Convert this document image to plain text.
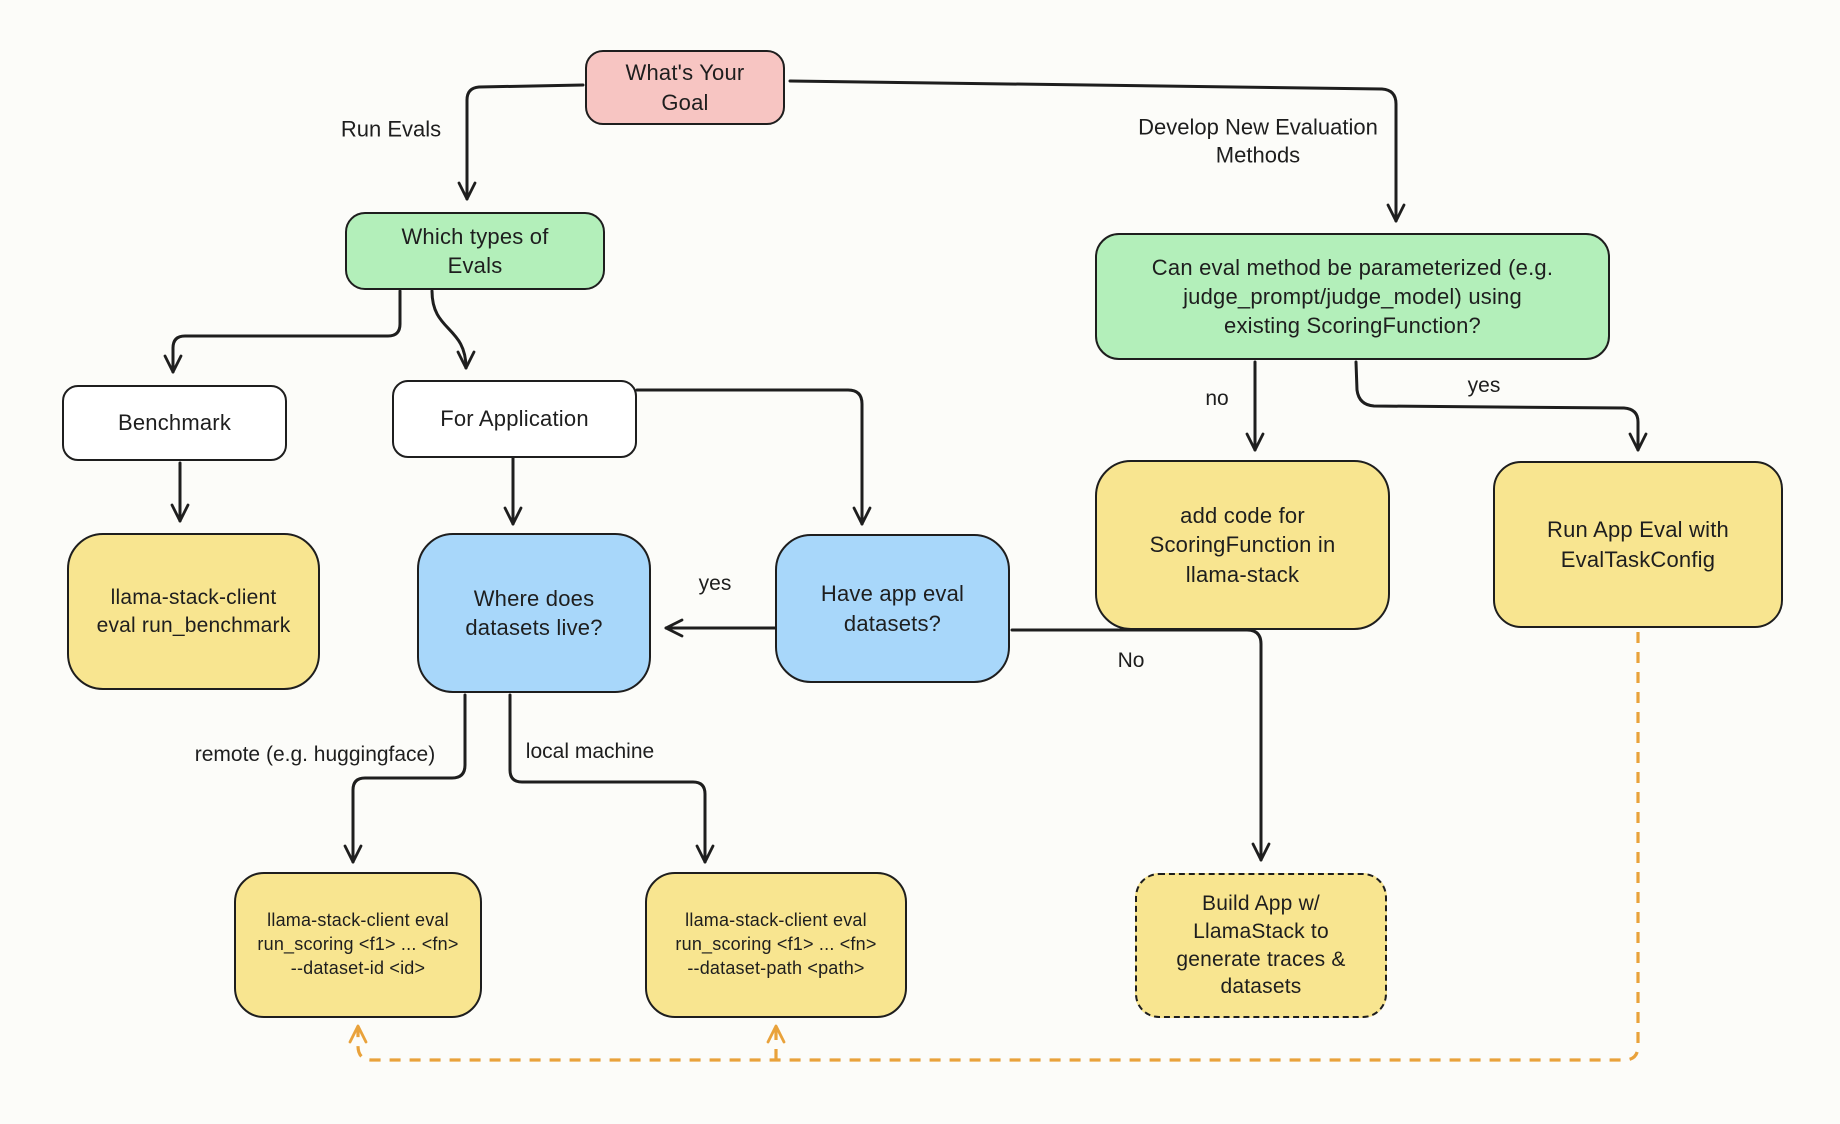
What's Your
Goal
Which types of
Evals	Can eval method be parameterized (e.g.
judge_prompt/judge_model) using
existing ScoringFunction?
Benchmark	For Application
llama-stack-client
eval run_benchmark
Where does
datasets live?
Have app eval
datasets?
add code for
ScoringFunction in
llama-stack
Run App Eval with
EvalTaskConfig
llama-stack-client eval
run_scoring <f1> ... <fn>
--dataset-id <id>
llama-stack-client eval
run_scoring <f1> ... <fn>
--dataset-path <path>
Build App w/
LlamaStack to
generate traces &
datasets
Run Evals	Develop New Evaluation
Methods
no
yes
yes
No
remote (e.g. huggingface)	local machine
